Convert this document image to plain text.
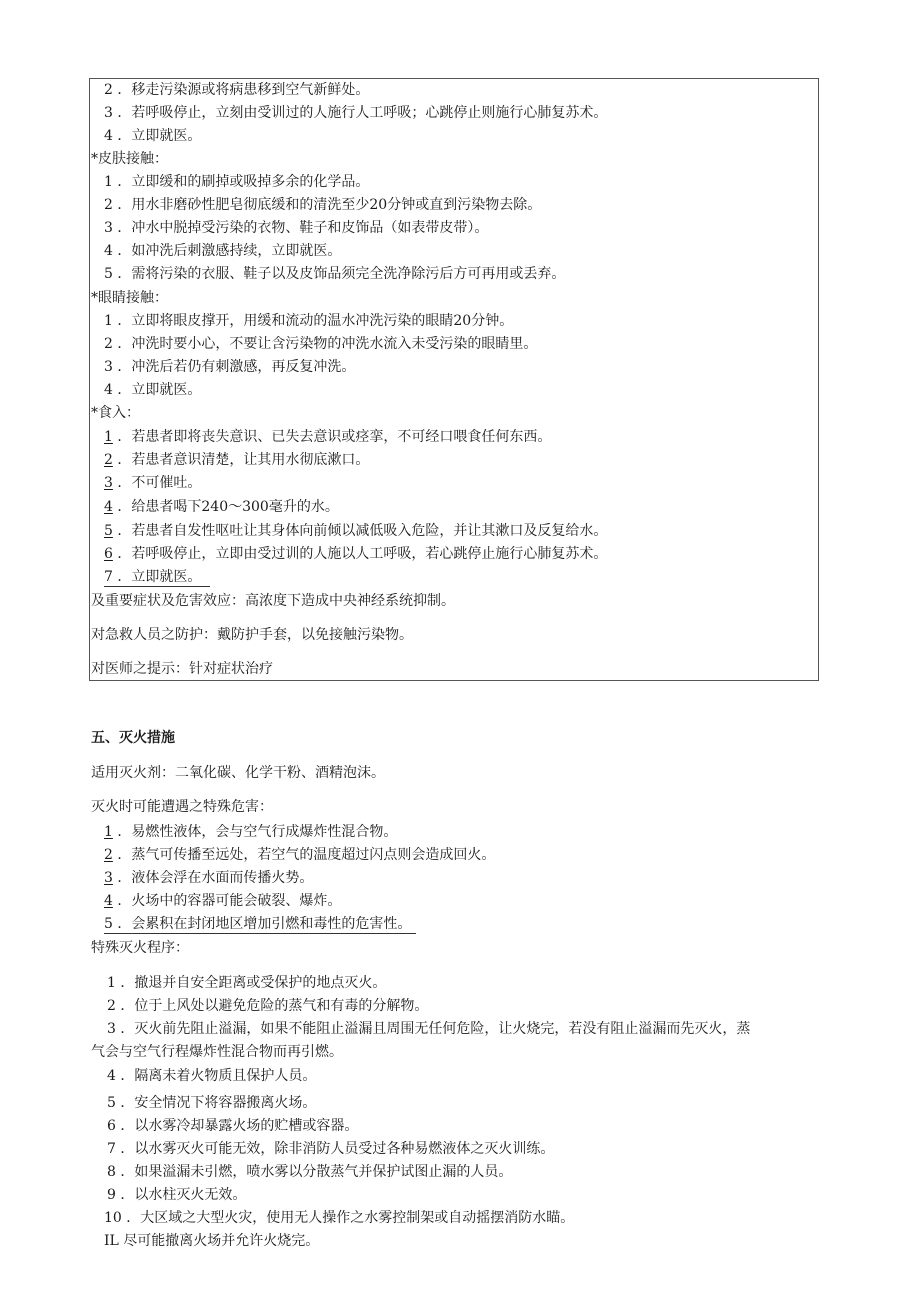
2 ．移走污染源或将病患移到空气新鲜处。
3 ．若呼吸停止，立刻由受训过的人施行人工呼吸；心跳停止则施行心肺复苏术。
4 ．立即就医。
*皮肤接触：
1 ．立即缓和的刷掉或吸掉多余的化学品。
2 ．用水非磨砂性肥皂彻底缓和的清洗至少20分钟或直到污染物去除。
3 ．冲水中脱掉受污染的衣物、鞋子和皮饰品（如表带皮带）。
4 ．如冲洗后刺激感持续，立即就医。
5 ．需将污染的衣服、鞋子以及皮饰品须完全洗净除污后方可再用或丢弃。
*眼睛接触：
1 ．立即将眼皮撑开，用缓和流动的温水冲洗污染的眼睛20分钟。
2 ．冲洗时要小心，不要让含污染物的冲洗水流入未受污染的眼睛里。
3 ．冲洗后若仍有刺激感，再反复冲洗。
4 ．立即就医。
*食入：
1 ．若患者即将丧失意识、已失去意识或痉挛，不可经口喂食任何东西。
2 ．若患者意识清楚，让其用水彻底漱口。
3 ．不可催吐。
4 ．给患者喝下240～300毫升的水。
5 ．若患者自发性呕吐让其身体向前倾以减低吸入危险，并让其漱口及反复给水。
6 ．若呼吸停止，立即由受过训的人施以人工呼吸，若心跳停止施行心肺复苏术。
7 ．立即就医。
及重要症状及危害效应：高浓度下造成中央神经系统抑制。
对急救人员之防护：戴防护手套，以免接触污染物。
对医师之提示：针对症状治疗
五、灭火措施
适用灭火剂：二氧化碳、化学干粉、酒精泡沫。
灭火时可能遭遇之特殊危害：
1 ．易燃性液体，会与空气行成爆炸性混合物。
2 ．蒸气可传播至远处，若空气的温度超过闪点则会造成回火。
3 ．液体会浮在水面而传播火势。
4 ．火场中的容器可能会破裂、爆炸。
5 ．会累积在封闭地区增加引燃和毒性的危害性。
特殊灭火程序：
1 ．撤退并自安全距离或受保护的地点灭火。
2 ．位于上风处以避免危险的蒸气和有毒的分解物。
3 ．灭火前先阻止溢漏，如果不能阻止溢漏且周围无任何危险，让火烧完，若没有阻止溢漏而先灭火，蒸
气会与空气行程爆炸性混合物而再引燃。
4 ．隔离未着火物质且保护人员。
5 ．安全情况下将容器搬离火场。
6 ．以水雾冷却暴露火场的贮槽或容器。
7 ．以水雾灭火可能无效，除非消防人员受过各种易燃液体之灭火训练。
8 ．如果溢漏未引燃，喷水雾以分散蒸气并保护试图止漏的人员。
9 ．以水柱灭火无效。
10 ．大区域之大型火灾，使用无人操作之水雾控制架或自动摇摆消防水瞄。
IL 尽可能撤离火场并允许火烧完。
